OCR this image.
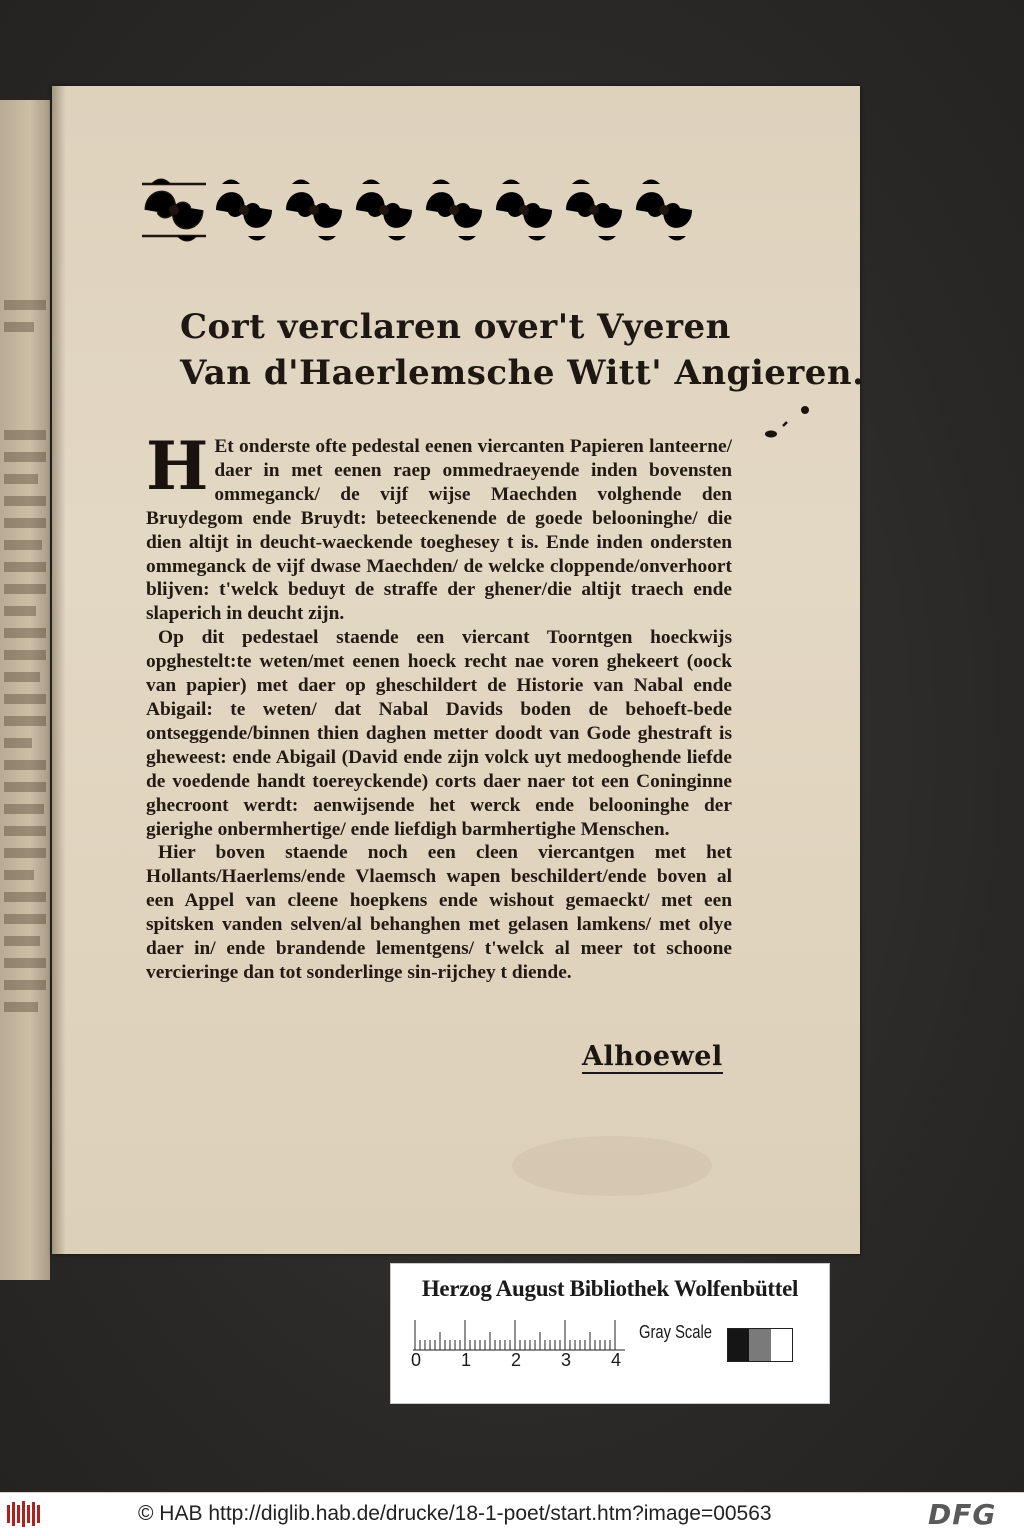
Cort verclaren over't Vyeren
Van d'Haerlemsche Witt' Angieren.

H Et onderste ofte pedestal eenen viercanten Papieren lanteerne/ daer in met eenen raep ommedraeyende inden bovensten ommeganck/ de vijf wijse Maechden volghende den Bruydegom ende Bruydt: beteeckenende de goede belooninghe/ die dien altijt in deucht-waeckende toeghesey t is. Ende inden ondersten ommeganck de vijf dwase Maechden/ de welcke cloppende/onverhoort blijven: t'welck beduyt de straffe der ghener/die altijt traech ende slaperich in deucht zijn.

Op dit pedestael staende een viercant Toorntgen hoeckwijs opghestelt:te weten/met eenen hoeck recht nae voren ghekeert (oock van papier) met daer op gheschildert de Historie van Nabal ende Abigail: te weten/ dat Nabal Davids boden de behoeft-bede ontseggende/binnen thien daghen metter doodt van Gode ghestraft is gheweest: ende Abigail (David ende zijn volck uyt medooghende liefde de voedende handt toereyckende) corts daer naer tot een Coninginne ghecroont werdt: aenwijsende het werck ende belooninghe der gierighe onbermhertige/ ende liefdigh barmhertighe Menschen.

Hier boven staende noch een cleen viercantgen met het Hollants/Haerlems/ende Vlaemsch wapen beschildert/ende boven al een Appel van cleene hoepkens ende wishout gemaeckt/ met een spitsken vanden selven/al behanghen met gelasen lamkens/ met olye daer in/ ende brandende lementgens/ t'welck al meer tot schoone vercieringe dan tot sonderlinge sin-rijchey t diende.

Alhoewel
Herzog August Bibliothek Wolfenbüttel
0 1 2 3 4
Gray Scale
© HAB http://diglib.hab.de/drucke/18-1-poet/start.htm?image=00563	DFG
